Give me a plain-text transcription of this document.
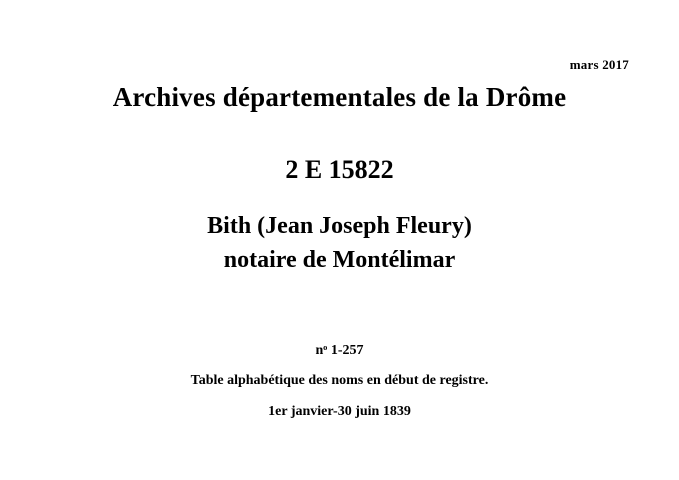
mars 2017
Archives départementales de la Drôme
2 E 15822
Bith (Jean Joseph Fleury)
notaire de Montélimar
nᵒ 1-257
Table alphabétique des noms en début de registre.
1er janvier-30 juin 1839
